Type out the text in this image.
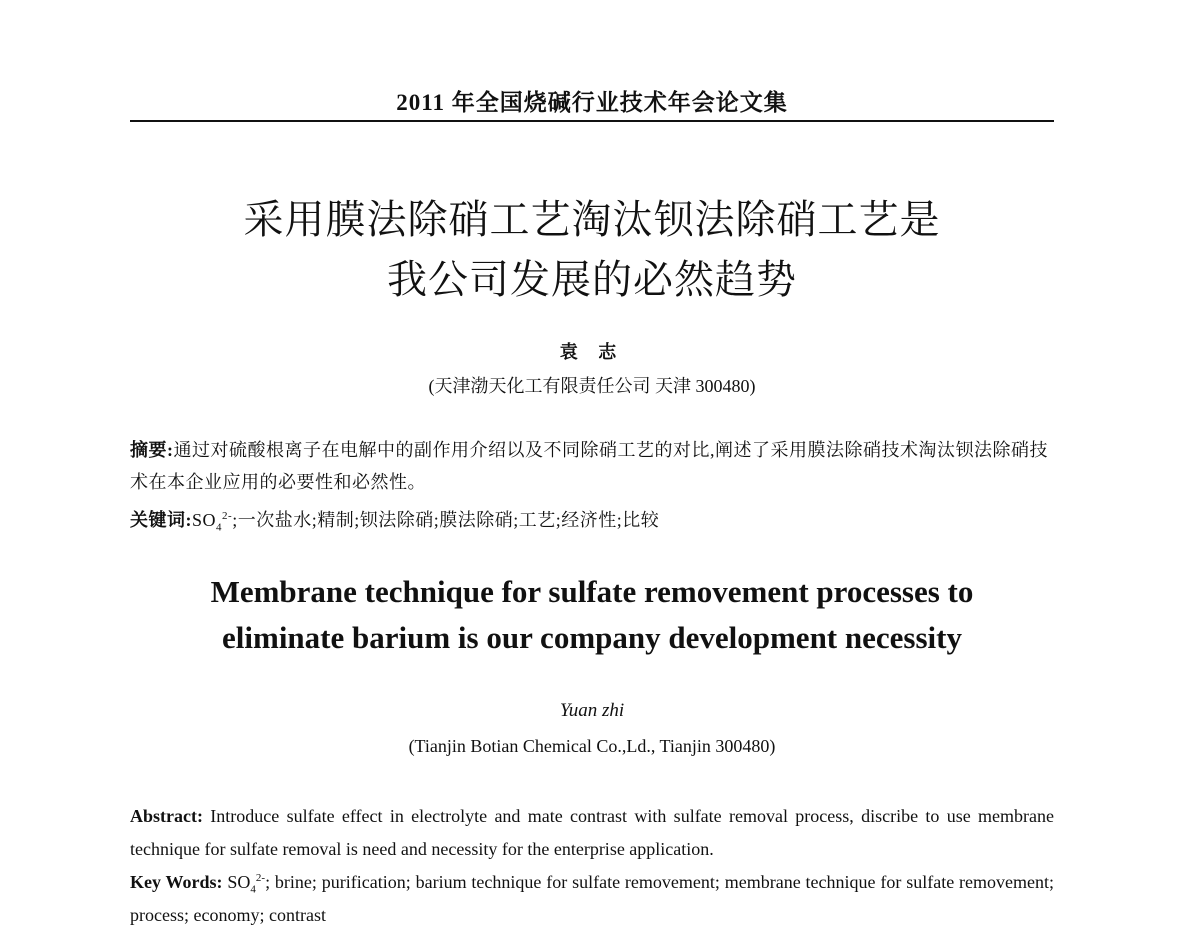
2011 年全国烧碱行业技术年会论文集
采用膜法除硝工艺淘汰钡法除硝工艺是
我公司发展的必然趋势
袁 志
(天津渤天化工有限责任公司 天津 300480)
摘要:通过对硫酸根离子在电解中的副作用介绍以及不同除硝工艺的对比,阐述了采用膜法除硝技术淘汰钡法除硝技术在本企业应用的必要性和必然性。
关键词$:SO_4^{2-}$;一次盐水;精制;钡法除硝;膜法除硝;工艺;经济性;比较
Membrane technique for sulfate removement processes to
eliminate barium is our company development necessity
Yuan zhi
(Tianjin Botian Chemical Co.,Ld., Tianjin 300480)
Abstract: Introduce sulfate effect in electrolyte and mate contrast with sulfate removal process, discribe to use membrane technique for sulfate removal is need and necessity for the enterprise application.
Key Words: $SO_4^{2-}$; brine; purification; barium technique for sulfate removement; membrane technique for sulfate removement; process; economy; contrast
